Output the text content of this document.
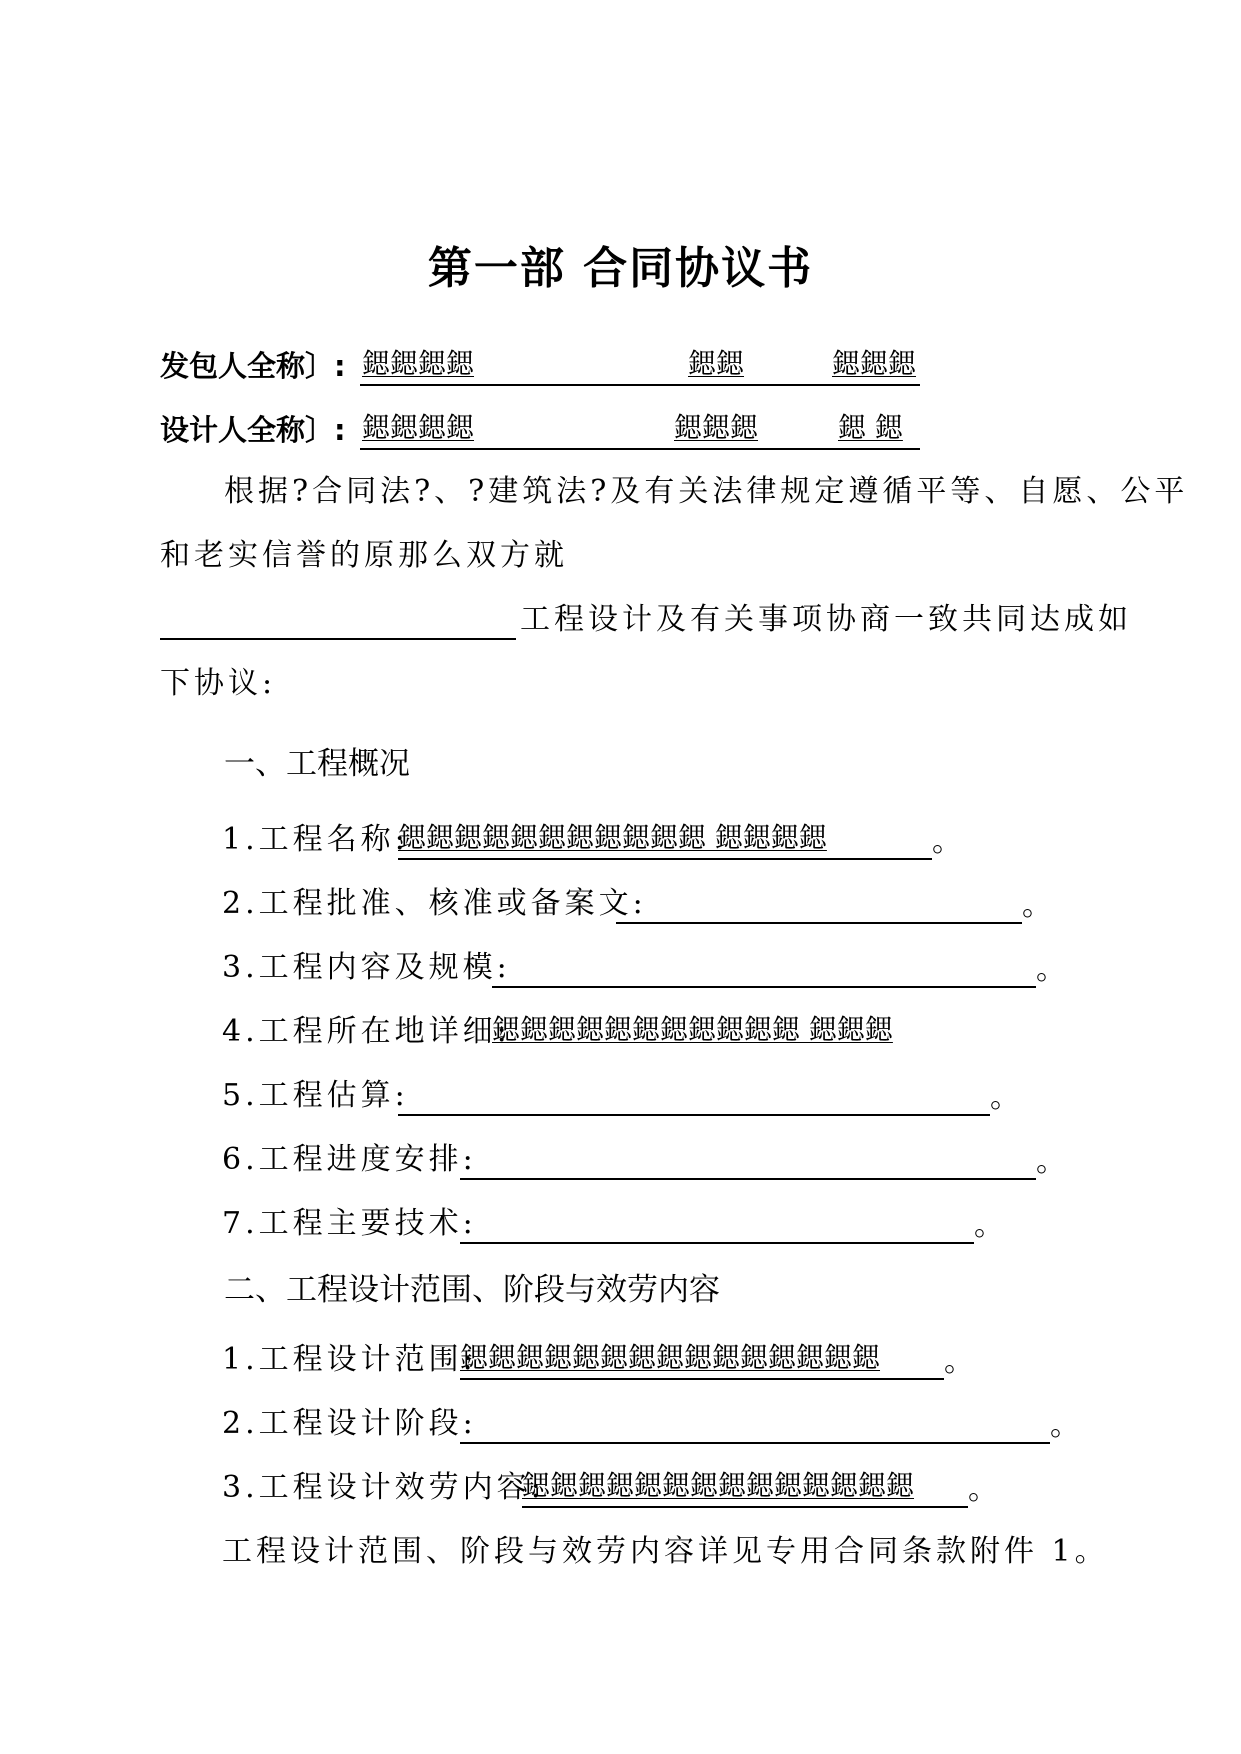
第一部 合同协议书
发包人全称〕: 鍶鍶鍶鍶	鍶鍶	鍶鍶鍶
设计人全称〕: 鍶鍶鍶鍶	鍶鍶鍶	鍶 鍶
根据?合同法?、?建筑法?及有关法律规定遵循平等、自愿、公平
和老实信誉的原那么双方就
工程设计及有关事项协商一致共同达成如
下协议:
一、工程概况
1.工程名称:
鍶鍶鍶鍶鍶鍶鍶鍶鍶鍶鍶 鍶鍶鍶鍶	。
2.工程批准、核准或备案文:	。
3.工程内容及规模:	。
4.工程所在地详细:
鍶鍶鍶鍶鍶鍶鍶鍶鍶鍶鍶 鍶鍶鍶
5.工程估算:	。
6.工程进度安排:	。
7.工程主要技术:	。
二、工程设计范围、阶段与效劳内容
1.工程设计范围:
鍶鍶鍶鍶鍶鍶鍶鍶鍶鍶鍶鍶鍶鍶鍶	。
2.工程设计阶段:	。
3.工程设计效劳内容:
鍶鍶鍶鍶鍶鍶鍶鍶鍶鍶鍶鍶鍶鍶	。
工程设计范围、阶段与效劳内容详见专用合同条款附件 1。
